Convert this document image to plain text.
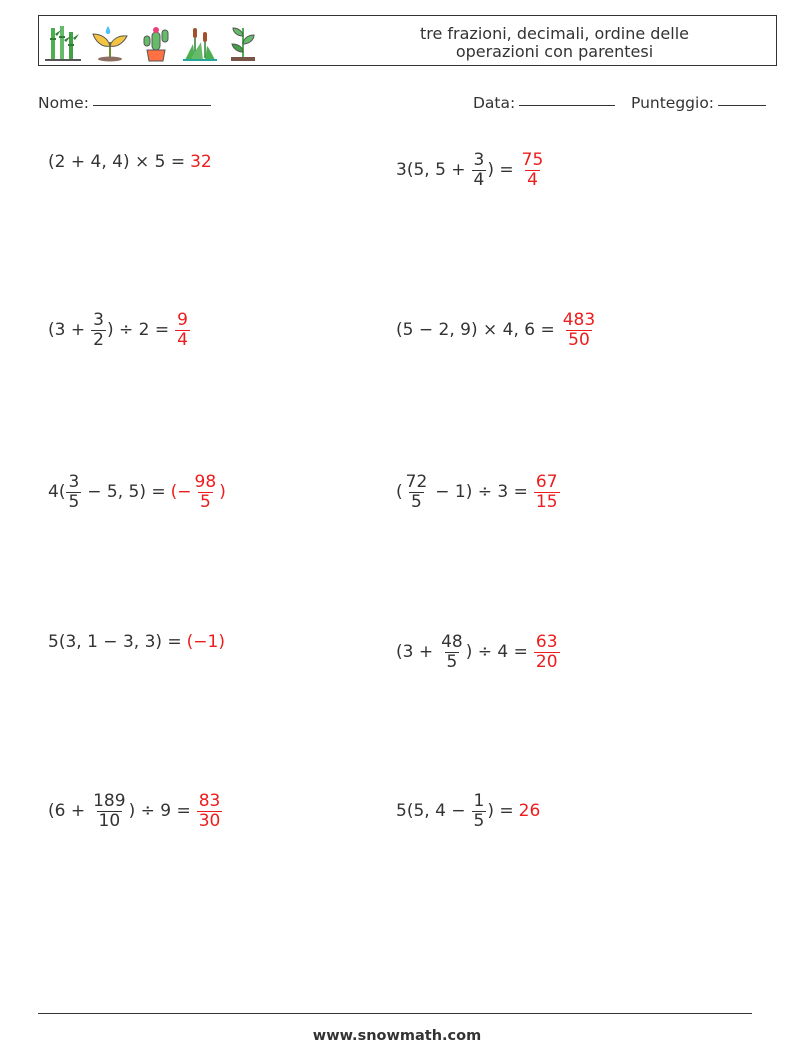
tre frazioni, decimali, ordine delle
operazioni con parentesi
Nome:	Data:	Punteggio:
(2 + 4, 4) × 5 = 32	3(5, $5 + \frac{3}{4}$ ) = $\frac{75}{4}$
($3 + \frac{3}{2}$ ) ÷ $2 = \frac{9}{4}$	(5 − 2, 9) × 4, $6 = \frac{483}{50}$
$4( \frac{3}{5} - 5$, 5) = (− $\frac{98}{5}$ )	( $\frac{72}{5} - 1) \div 3 = \frac{67}{15}$
5(3, 1 − 3, 3) = (−1)	($3 + \frac{48}{5}$ ) ÷ $4 = \frac{63}{20}$
($6 + \frac{189}{10}$ ) ÷ $9 = \frac{83}{30}$	5(5, $4 - \frac{1}{5}$ ) = 26
www.snowmath.com
